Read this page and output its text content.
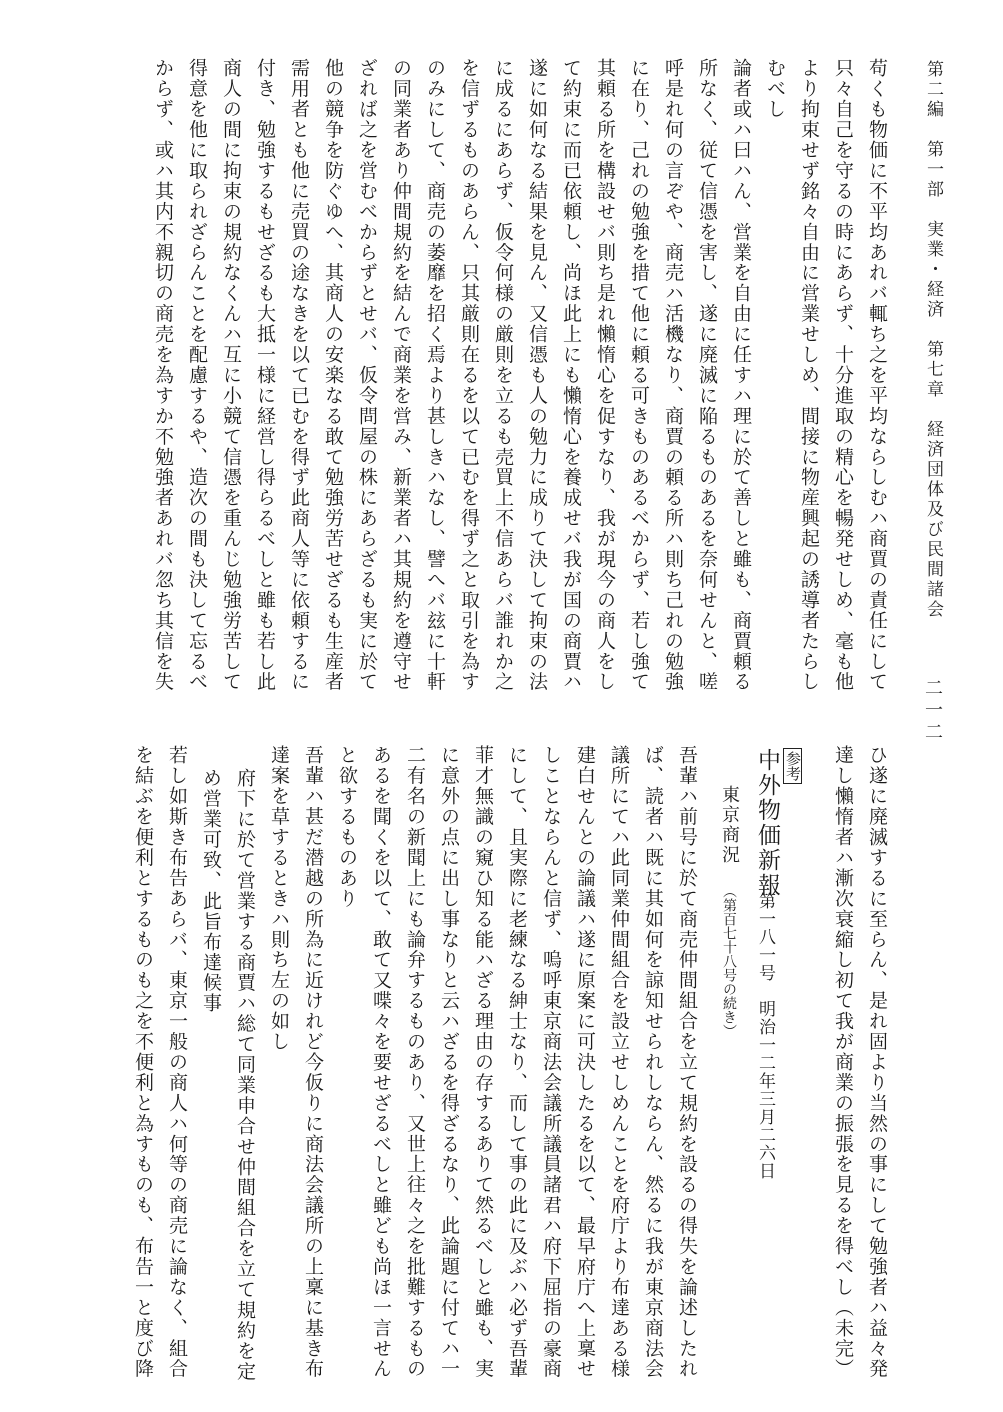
第二編　第一部　実業・経済　第七章　経済団体及び民間諸会
二一二
苟くも物価に不平均あれバ輒ち之を平均ならしむハ商賈の責任にして
只々自己を守るの時にあらず、十分進取の精心を暢発せしめ、毫も他
より拘束せず銘々自由に営業せしめ、間接に物産興起の誘導者たらし
むべし
論者或ハ曰ハん、営業を自由に任すハ理に於て善しと雖も、商賈頼る
所なく、従て信憑を害し、遂に廃滅に陥るものあるを奈何せんと、嗟
呼是れ何の言ぞや、商売ハ活機なり、商賈の頼る所ハ則ち己れの勉強
に在り、己れの勉強を措て他に頼る可きものあるべからず、若し強て
其頼る所を構設せバ則ち是れ懶惰心を促すなり、我が現今の商人をし
て約束に而已依頼し、尚ほ此上にも懶惰心を養成せバ我が国の商賈ハ
遂に如何なる結果を見ん、又信憑も人の勉力に成りて決して拘束の法
に成るにあらず、仮令何様の厳則を立るも売買上不信あらバ誰れか之
を信ずるものあらん、只其厳則在るを以て已むを得ず之と取引を為す
のみにして、商売の萎靡を招く焉より甚しきハなし、譬へバ玆に十軒
の同業者あり仲間規約を結んで商業を営み、新業者ハ其規約を遵守せ
ざれば之を営むべからずとせバ、仮令問屋の株にあらざるも実に於て
他の競争を防ぐゆへ、其商人の安楽なる敢て勉強労苦せざるも生産者
需用者とも他に売買の途なきを以て已むを得ず此商人等に依頼するに
付き、勉強するもせざるも大抵一様に経営し得らるべしと雖も若し此
商人の間に拘束の規約なくんハ互に小競て信憑を重んじ勉強労苦して
得意を他に取られざらんことを配慮するや、造次の間も決して忘るべ
からず、或ハ其内不親切の商売を為すか不勉強者あれバ忽ち其信を失
ひ遂に廃滅するに至らん、是れ固より当然の事にして勉強者ハ益々発
達し懶惰者ハ漸次衰縮し初て我が商業の振張を見るを得べし（未完）
参考
中外物価新報
第一八一号　明治一二年三月二六日
東京商況 （第百七十八号の続き）
吾輩ハ前号に於て商売仲間組合を立て規約を設るの得失を論述したれ
ば、読者ハ既に其如何を諒知せられしならん、然るに我が東京商法会
議所にてハ此同業仲間組合を設立せしめんことを府庁より布達ある様
建白せんとの論議ハ遂に原案に可決したるを以て、最早府庁へ上稟せ
しことならんと信ず、嗚呼東京商法会議所議員諸君ハ府下屈指の豪商
にして、且実際に老練なる紳士なり、而して事の此に及ぶハ必ず吾輩
菲才無識の窺ひ知る能ハざる理由の存するありて然るべしと雖も、実
に意外の点に出し事なりと云ハざるを得ざるなり、此論題に付てハ一
二有名の新聞上にも論弁するものあり、又世上往々之を批難するもの
あるを聞くを以て、敢て又喋々を要せざるべしと雖ども尚ほ一言せん
と欲するものあり
吾輩ハ甚だ潜越の所為に近けれど今仮りに商法会議所の上稟に基き布
達案を草するときハ則ち左の如し
府下に於て営業する商賈ハ総て同業申合せ仲間組合を立て規約を定
め営業可致、此旨布達候事
若し如斯き布告あらバ、東京一般の商人ハ何等の商売に論なく、組合
を結ぶを便利とするものも之を不便利と為すものも、布告一と度び降
